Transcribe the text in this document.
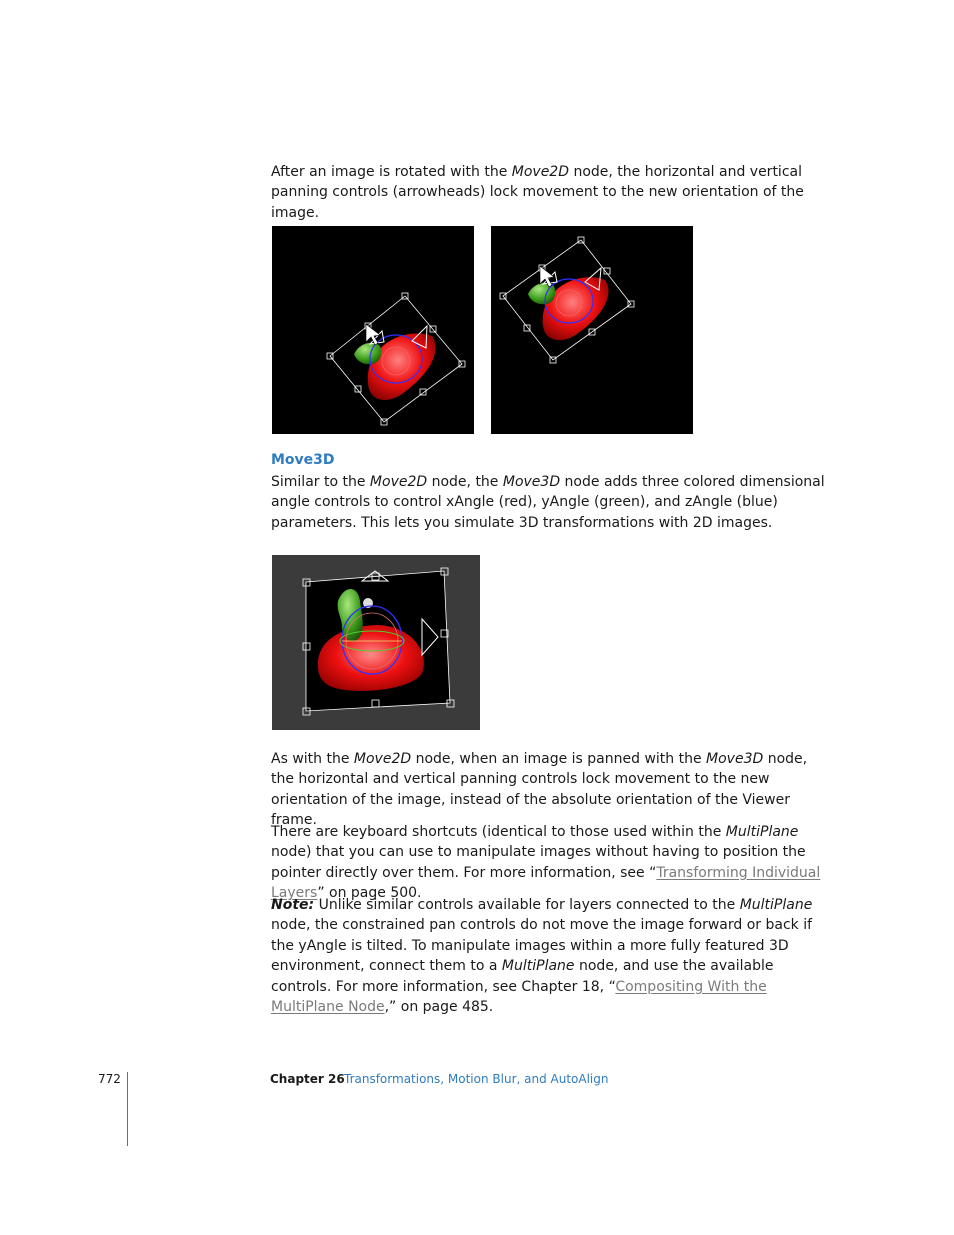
After an image is rotated with the Move2D node, the horizontal and vertical panning controls (arrowheads) lock movement to the new orientation of the image.

Move3D

Similar to the Move2D node, the Move3D node adds three colored dimensional angle controls to control xAngle (red), yAngle (green), and zAngle (blue) parameters. This lets you simulate 3D transformations with 2D images.

As with the Move2D node, when an image is panned with the Move3D node, the horizontal and vertical panning controls lock movement to the new orientation of the image, instead of the absolute orientation of the Viewer frame.

There are keyboard shortcuts (identical to those used within the MultiPlane node) that you can use to manipulate images without having to position the pointer directly over them. For more information, see “Transforming Individual Layers” on page 500.

Note: Unlike similar controls available for layers connected to the MultiPlane node, the constrained pan controls do not move the image forward or back if the yAngle is tilted. To manipulate images within a more fully featured 3D environment, connect them to a MultiPlane node, and use the available controls. For more information, see Chapter 18, “Compositing With the MultiPlane Node,” on page 485.

772	Chapter 26 Transformations, Motion Blur, and AutoAlign
